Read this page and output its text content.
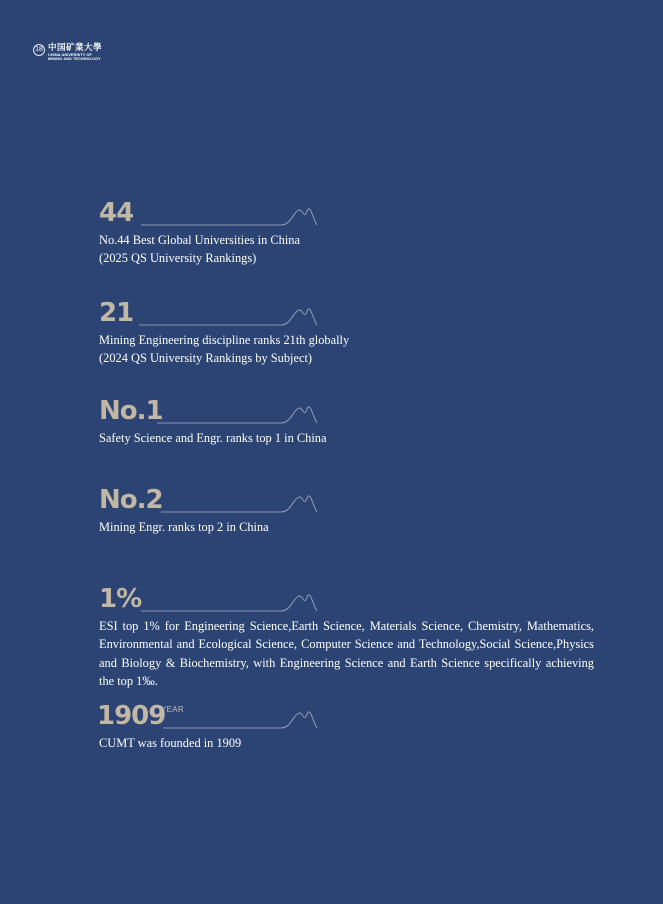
18 中国矿業大學
CHINA UNIVERSITY OF
MINING AND TECHNOLOGY
44
No.44 Best Global Universities in China
(2025 QS University Rankings)
21
Mining Engineering discipline ranks 21th globally
(2024 QS University Rankings by Subject)
No.1
Safety Science and Engr. ranks top 1 in China
No.2
Mining Engr. ranks top 2 in China
1%
ESI top 1% for Engineering Science,Earth Science, Materials Science, Chemistry, Mathematics, Environmental and Ecological Science, Computer Science and Technology,Social Science,Physics and Biology & Biochemistry, with Engineering Science and Earth Science specifically achieving the top 1‰.
1909
YEAR
CUMT was founded in 1909
